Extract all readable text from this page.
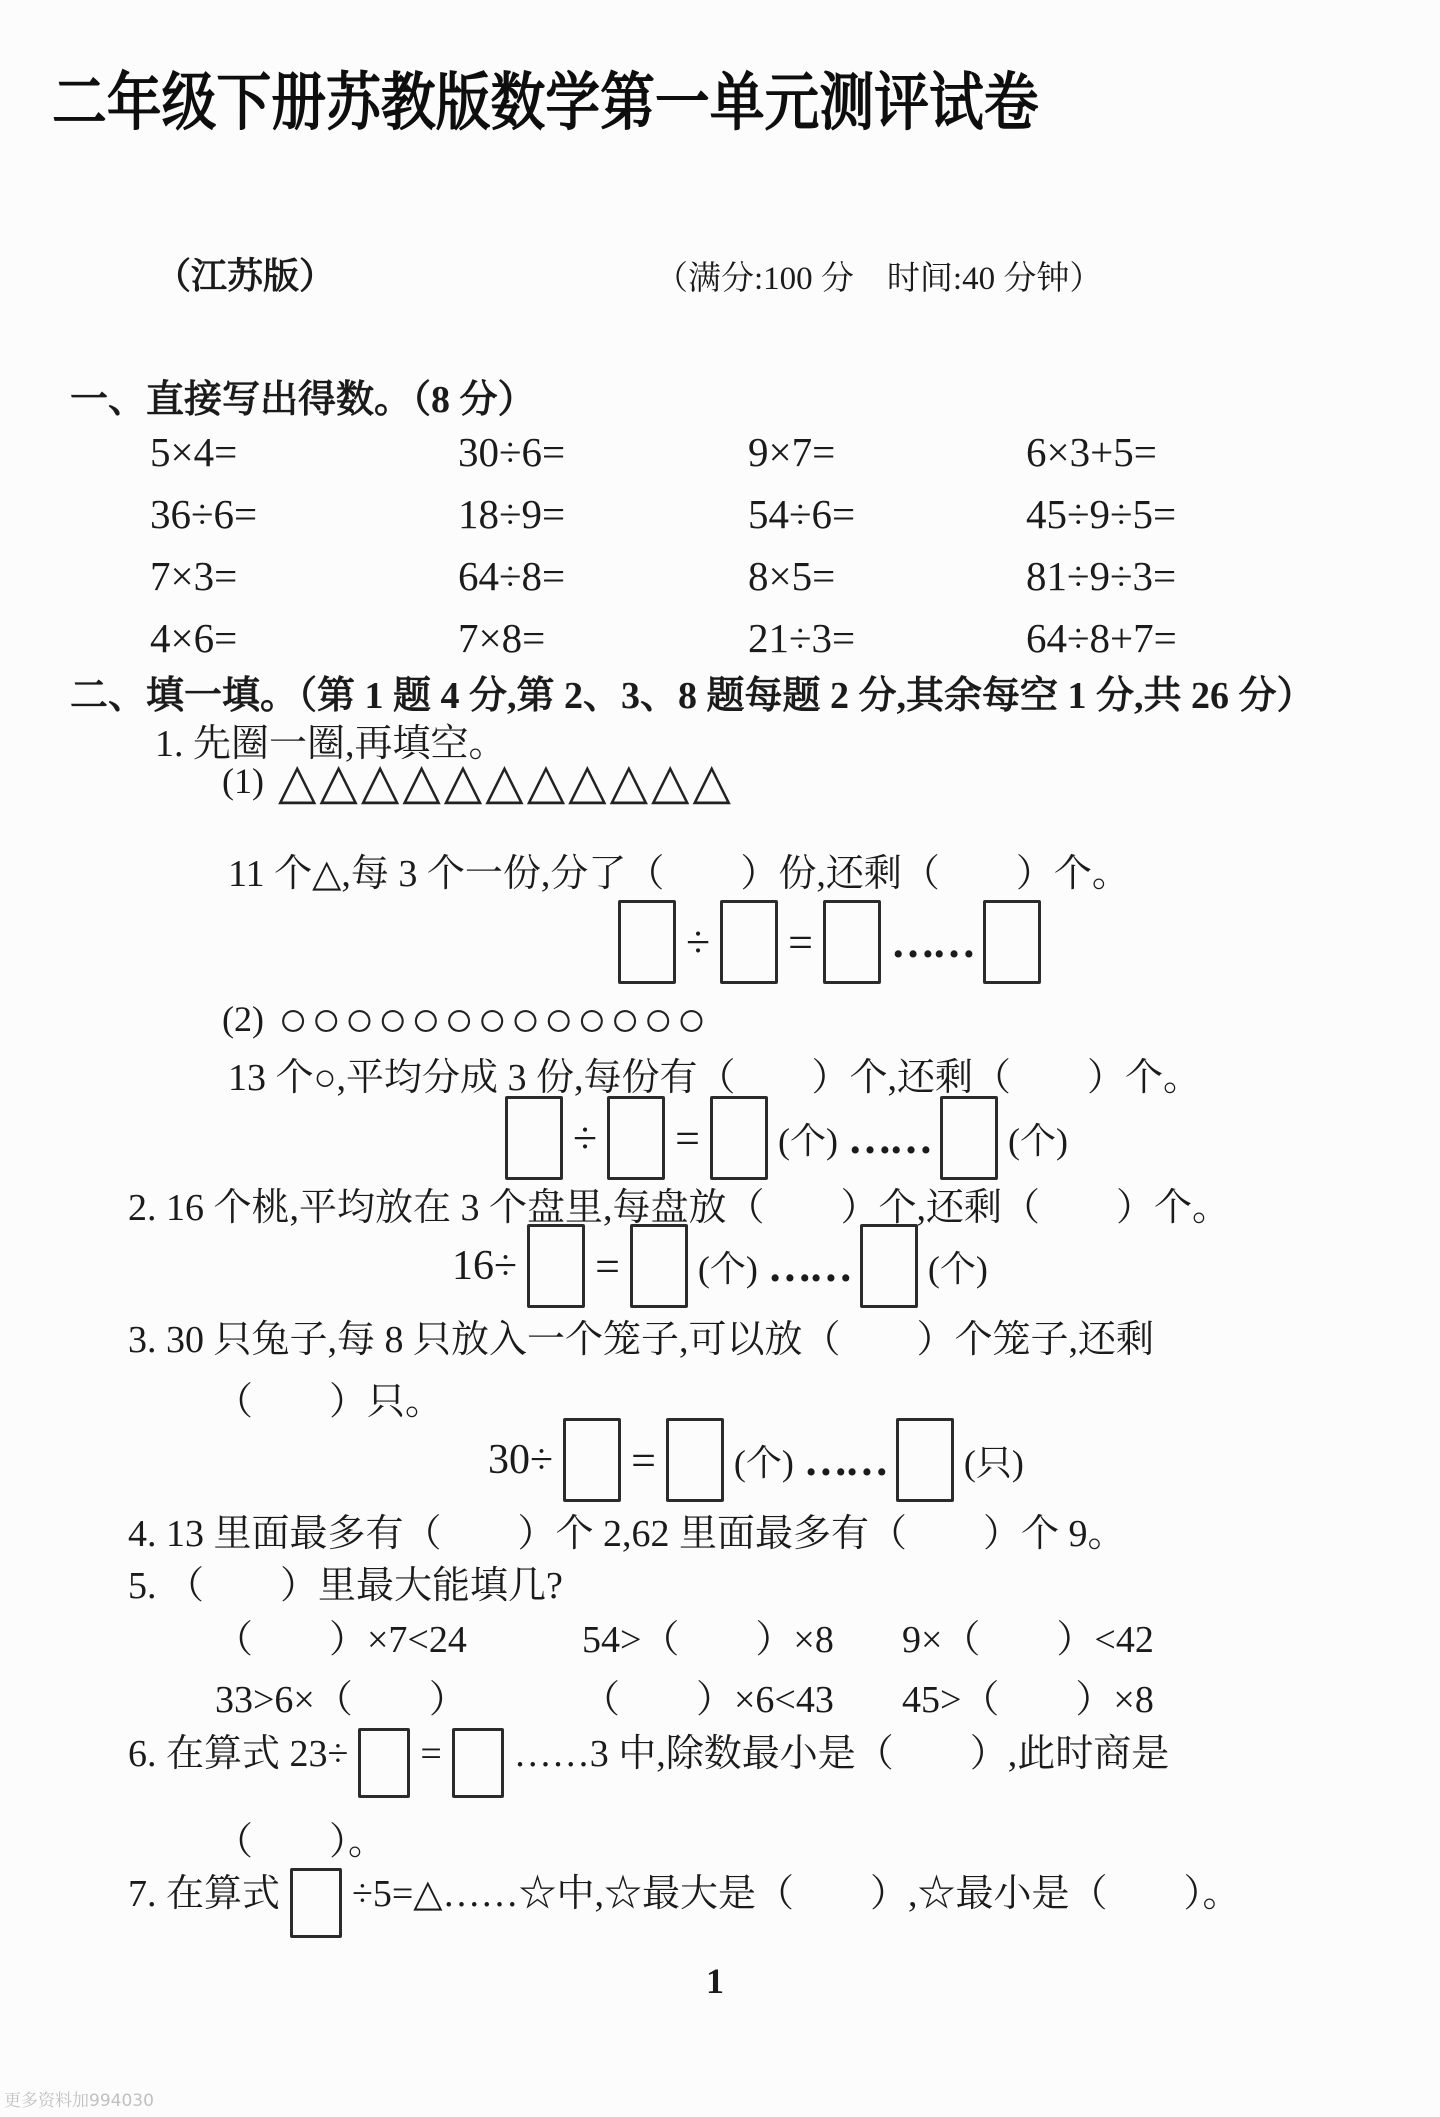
二年级下册苏教版数学第一单元测评试卷
（江苏版）	（满分:100 分　时间:40 分钟）
一、直接写出得数。（8 分）
5×4=	30÷6=	9×7=	6×3+5=
36÷6=	18÷9=	54÷6=	45÷9÷5=
7×3=	64÷8=	8×5=	81÷9÷3=
4×6=	7×8=	21÷3=	64÷8+7=
二、填一填。（第 1 题 4 分,第 2、3、8 题每题 2 分,其余每空 1 分,共 26 分）
1. 先圈一圈,再填空。
(1) △△△△△△△△△△△
11 个△,每 3 个一份,分了（　　）份,还剩（　　）个。
÷ = ……
(2) ○○○○○○○○○○○○○
13 个○,平均分成 3 份,每份有（　　）个,还剩（　　）个。
÷ = (个) …… (个)
2. 16 个桃,平均放在 3 个盘里,每盘放（　　）个,还剩（　　）个。
16÷ = (个) …… (个)
3. 30 只兔子,每 8 只放入一个笼子,可以放（　　）个笼子,还剩
（　　）只。
30÷ = (个) …… (只)
4. 13 里面最多有（　　）个 2,62 里面最多有（　　）个 9。
5. （　　）里最大能填几?
（　　）×7<24	54>（　　）×8 9×（　　）<42
33>6×（　　）	（　　）×6<43 45>（　　）×8
6. 在算式 23÷ = ……3 中,除数最小是（　　）,此时商是
（　　）。
7. 在算式 ÷5=△……☆中,☆最大是（　　）,☆最小是（　　）。
1
更多资料加994030
